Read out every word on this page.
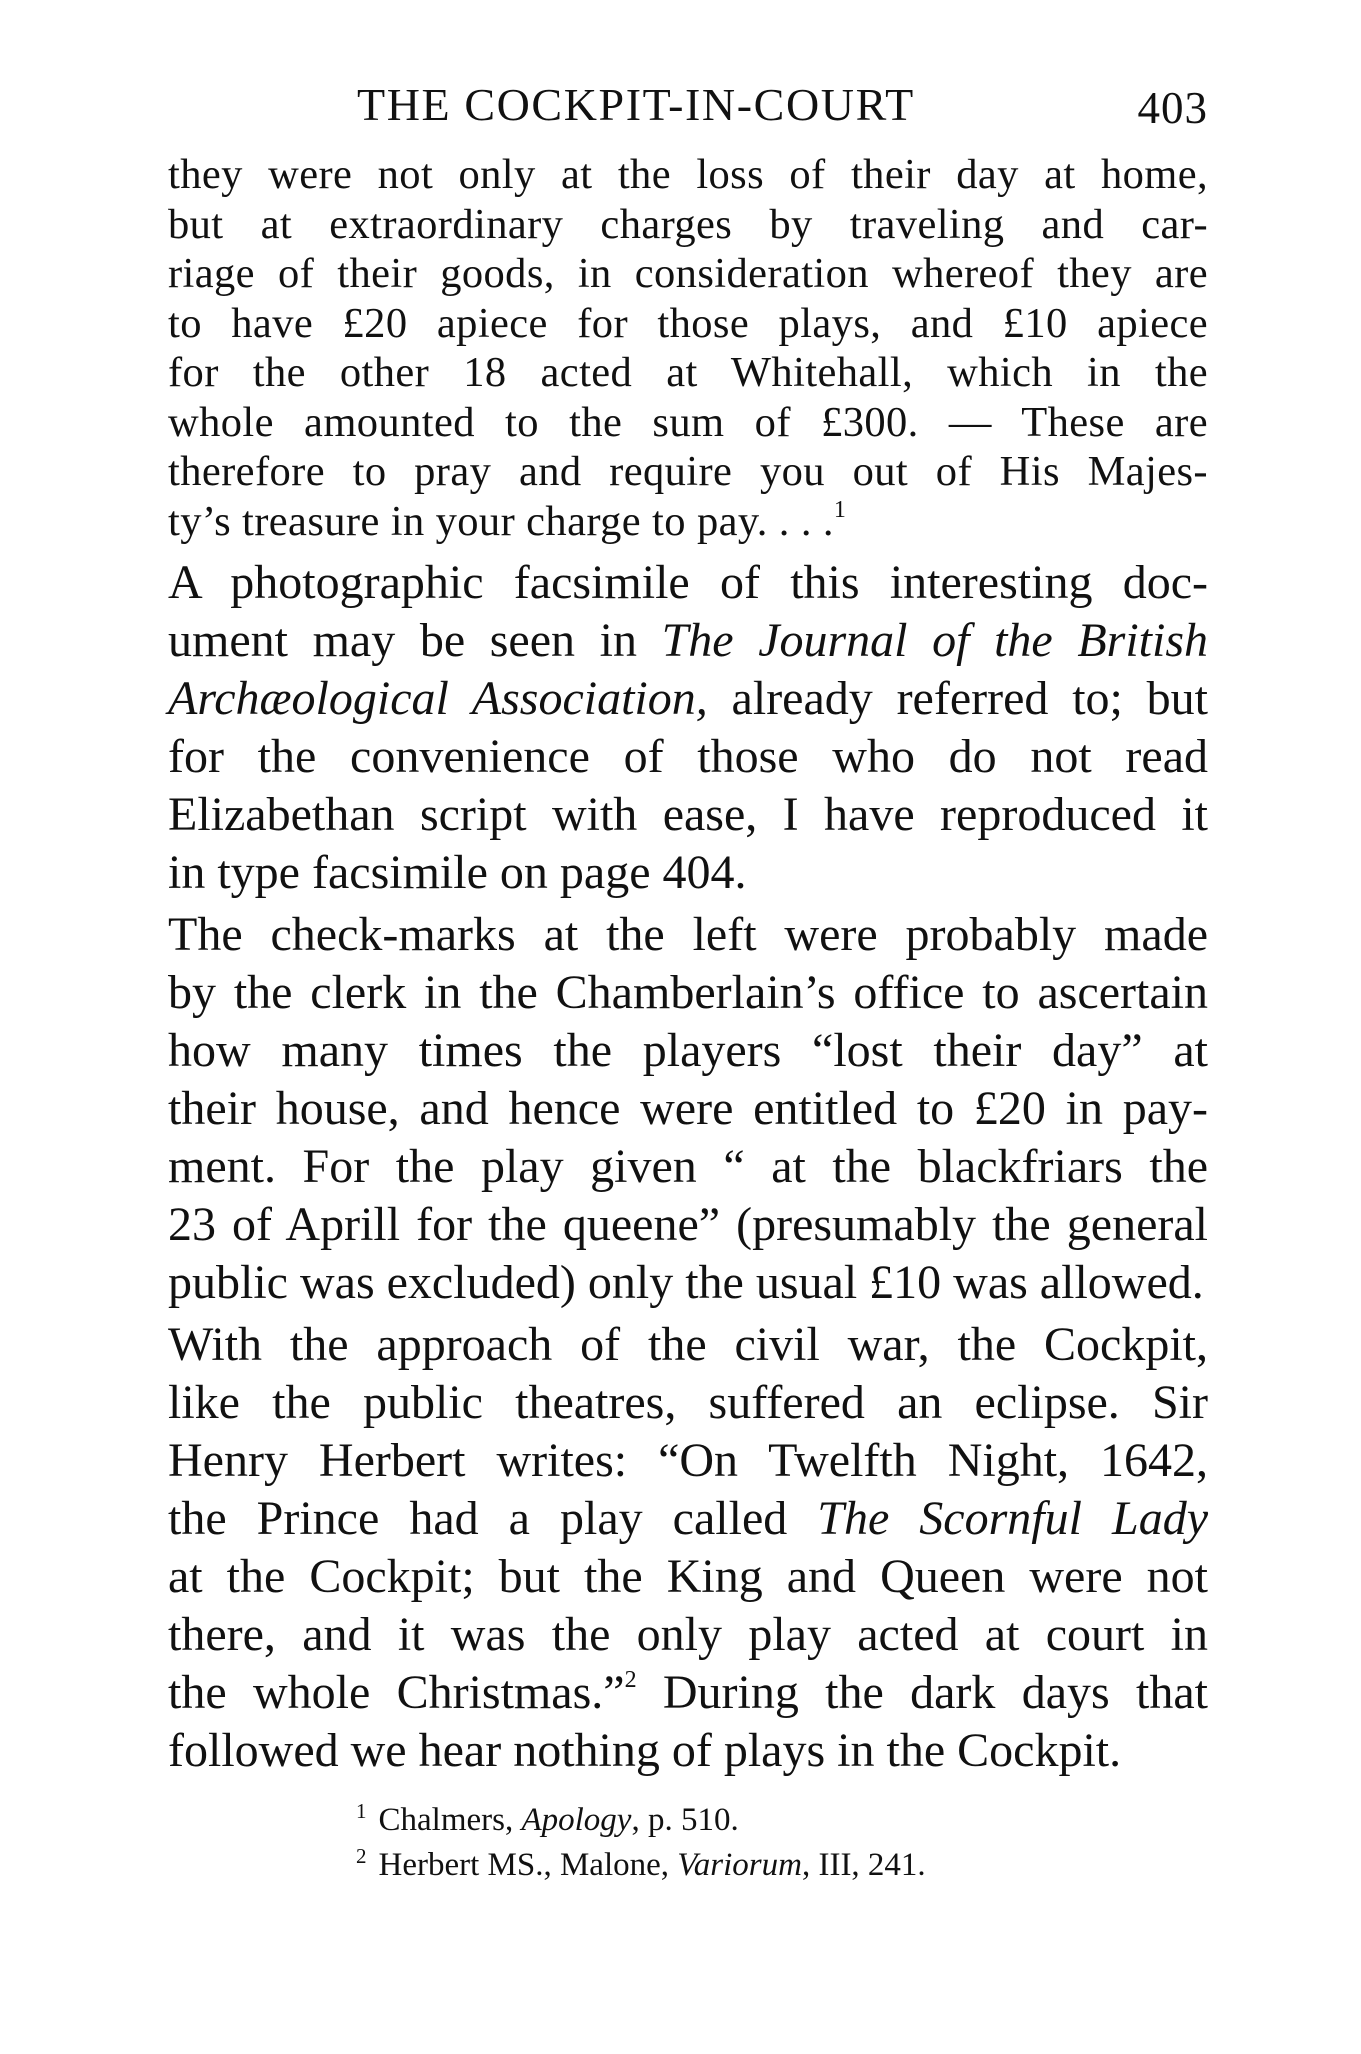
THE COCKPIT-IN-COURT	403
they were not only at the loss of their day at home,
but at extraordinary charges by traveling and car-
riage of their goods, in consideration whereof they are
to have £20 apiece for those plays, and £10 apiece
for the other 18 acted at Whitehall, which in the
whole amounted to the sum of £300. — These are
therefore to pray and require you out of His Majes-
ty’s treasure in your charge to pay. . . .$^1$
A photographic facsimile of this interesting doc-
ument may be seen in The Journal of the British
Archæological Association, already referred to; but
for the convenience of those who do not read
Elizabethan script with ease, I have reproduced it
in type facsimile on page 404.
The check-marks at the left were probably made
by the clerk in the Chamberlain’s office to ascertain
how many times the players “lost their day” at
their house, and hence were entitled to £20 in pay-
ment. For the play given “ at the blackfriars the
23 of Aprill for the queene” (presumably the general
public was excluded) only the usual £10 was allowed.
With the approach of the civil war, the Cockpit,
like the public theatres, suffered an eclipse. Sir
Henry Herbert writes: “On Twelfth Night, 1642,
the Prince had a play called The Scornful Lady
at the Cockpit; but the King and Queen were not
there, and it was the only play acted at court in
the whole Christmas.”$^2$ During the dark days that
followed we hear nothing of plays in the Cockpit.
$^1$ Chalmers, Apology, p. 510.
$^2$ Herbert MS., Malone, Variorum, III, 241.
